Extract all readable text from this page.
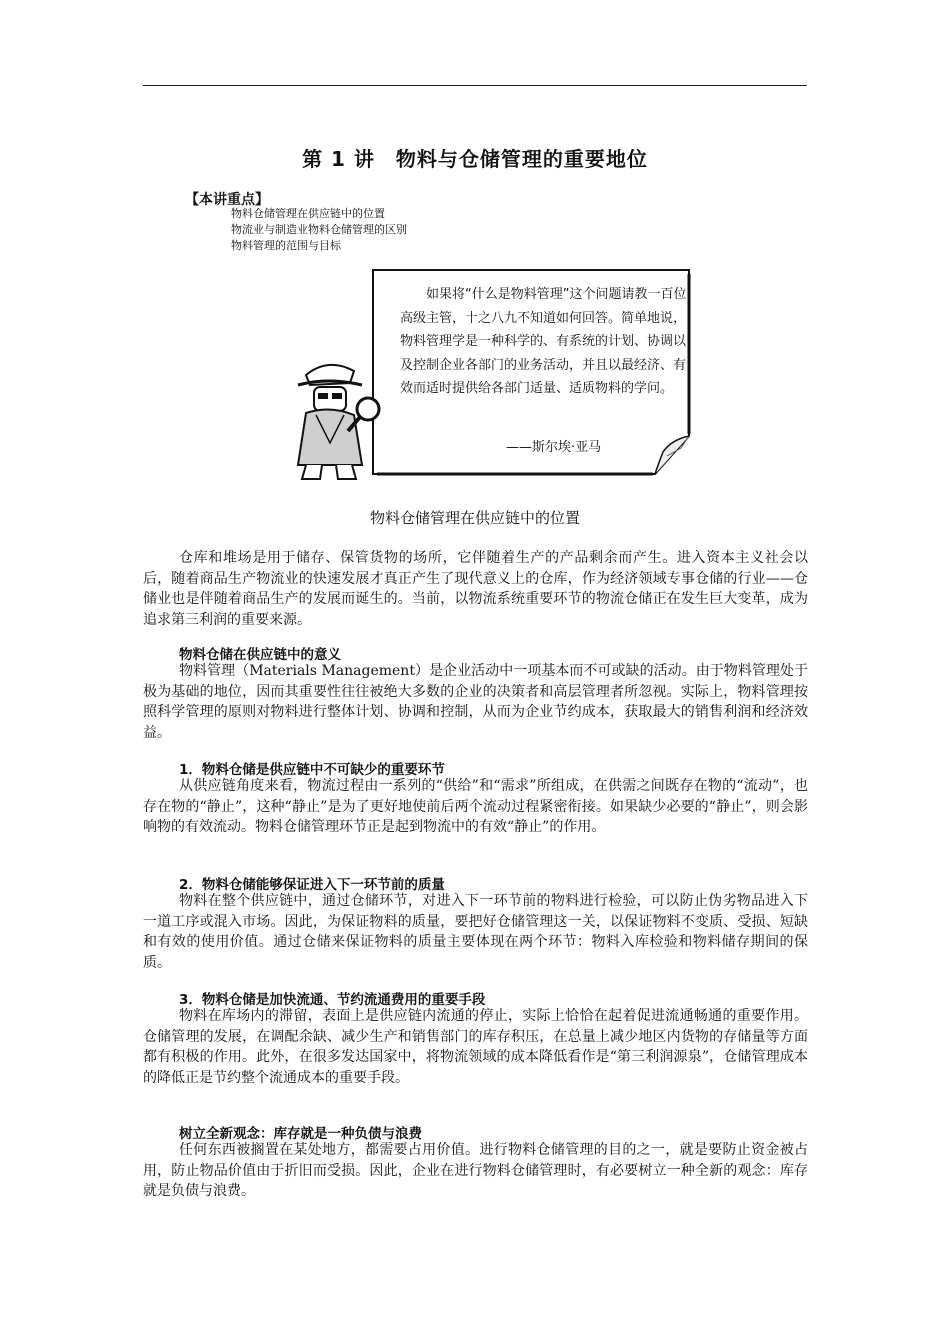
第 1 讲　物料与仓储管理的重要地位
【本讲重点】
物料仓储管理在供应链中的位置
物流业与制造业物料仓储管理的区别
物料管理的范围与目标
如果将“什么是物料管理”这个问题请教一百位高级主管，十之八九不知道如何回答。简单地说，物料管理学是一种科学的、有系统的计划、协调以及控制企业各部门的业务活动，并且以最经济、有效而适时提供给各部门适量、适质物料的学问。
——斯尔埃·亚马
物料仓储管理在供应链中的位置

仓库和堆场是用于储存、保管货物的场所，它伴随着生产的产品剩余而产生。进入资本主义社会以后，随着商品生产物流业的快速发展才真正产生了现代意义上的仓库，作为经济领域专事仓储的行业——仓储业也是伴随着商品生产的发展而诞生的。当前，以物流系统重要环节的物流仓储正在发生巨大变革，成为追求第三利润的重要来源。

物料仓储在供应链中的意义

物料管理（Materials Management）是企业活动中一项基本而不可或缺的活动。由于物料管理处于极为基础的地位，因而其重要性往往被绝大多数的企业的决策者和高层管理者所忽视。实际上，物料管理按照科学管理的原则对物料进行整体计划、协调和控制，从而为企业节约成本，获取最大的销售利润和经济效益。

1．物料仓储是供应链中不可缺少的重要环节

从供应链角度来看，物流过程由一系列的“供给”和“需求”所组成，在供需之间既存在物的“流动”，也存在物的“静止”，这种“静止”是为了更好地使前后两个流动过程紧密衔接。如果缺少必要的“静止”，则会影响物的有效流动。物料仓储管理环节正是起到物流中的有效“静止”的作用。

2．物料仓储能够保证进入下一环节前的质量

物料在整个供应链中，通过仓储环节，对进入下一环节前的物料进行检验，可以防止伪劣物品进入下一道工序或混入市场。因此，为保证物料的质量，要把好仓储管理这一关，以保证物料不变质、受损、短缺和有效的使用价值。通过仓储来保证物料的质量主要体现在两个环节：物料入库检验和物料储存期间的保质。

3．物料仓储是加快流通、节约流通费用的重要手段

物料在库场内的滞留，表面上是供应链内流通的停止，实际上恰恰在起着促进流通畅通的重要作用。仓储管理的发展，在调配余缺、减少生产和销售部门的库存积压，在总量上减少地区内货物的存储量等方面都有积极的作用。此外，在很多发达国家中，将物流领域的成本降低看作是“第三利润源泉”，仓储管理成本的降低正是节约整个流通成本的重要手段。

树立全新观念：库存就是一种负债与浪费

任何东西被搁置在某处地方，都需要占用价值。进行物料仓储管理的目的之一，就是要防止资金被占用，防止物品价值由于折旧而受损。因此，企业在进行物料仓储管理时，有必要树立一种全新的观念：库存就是负债与浪费。
